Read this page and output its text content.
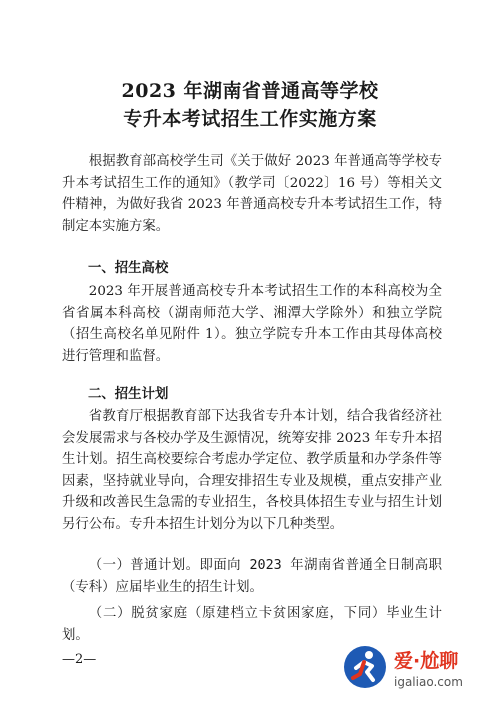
2023 年湖南省普通高等学校
专升本考试招生工作实施方案

根据教育部高校学生司《关于做好 2023 年普通高等学校专升本考试招生工作的通知》（教学司〔2022〕16 号）等相关文件精神，为做好我省 2023 年普通高校专升本考试招生工作，特制定本实施方案。

一、招生高校

2023 年开展普通高校专升本考试招生工作的本科高校为全省省属本科高校（湖南师范大学、湘潭大学除外）和独立学院（招生高校名单见附件 1）。独立学院专升本工作由其母体高校进行管理和监督。

二、招生计划

省教育厅根据教育部下达我省专升本计划，结合我省经济社会发展需求与各校办学及生源情况，统筹安排 2023 年专升本招生计划。招生高校要综合考虑办学定位、教学质量和办学条件等因素，坚持就业导向，合理安排招生专业及规模，重点安排产业升级和改善民生急需的专业招生，各校具体招生专业与招生计划另行公布。专升本招生计划分为以下几种类型。

（一）普通计划。即面向 2023 年湖南省普通全日制高职（专科）应届毕业生的招生计划。

（二）脱贫家庭（原建档立卡贫困家庭，下同）毕业生计划。

—2—	爱·尬聊
igaliao.com
